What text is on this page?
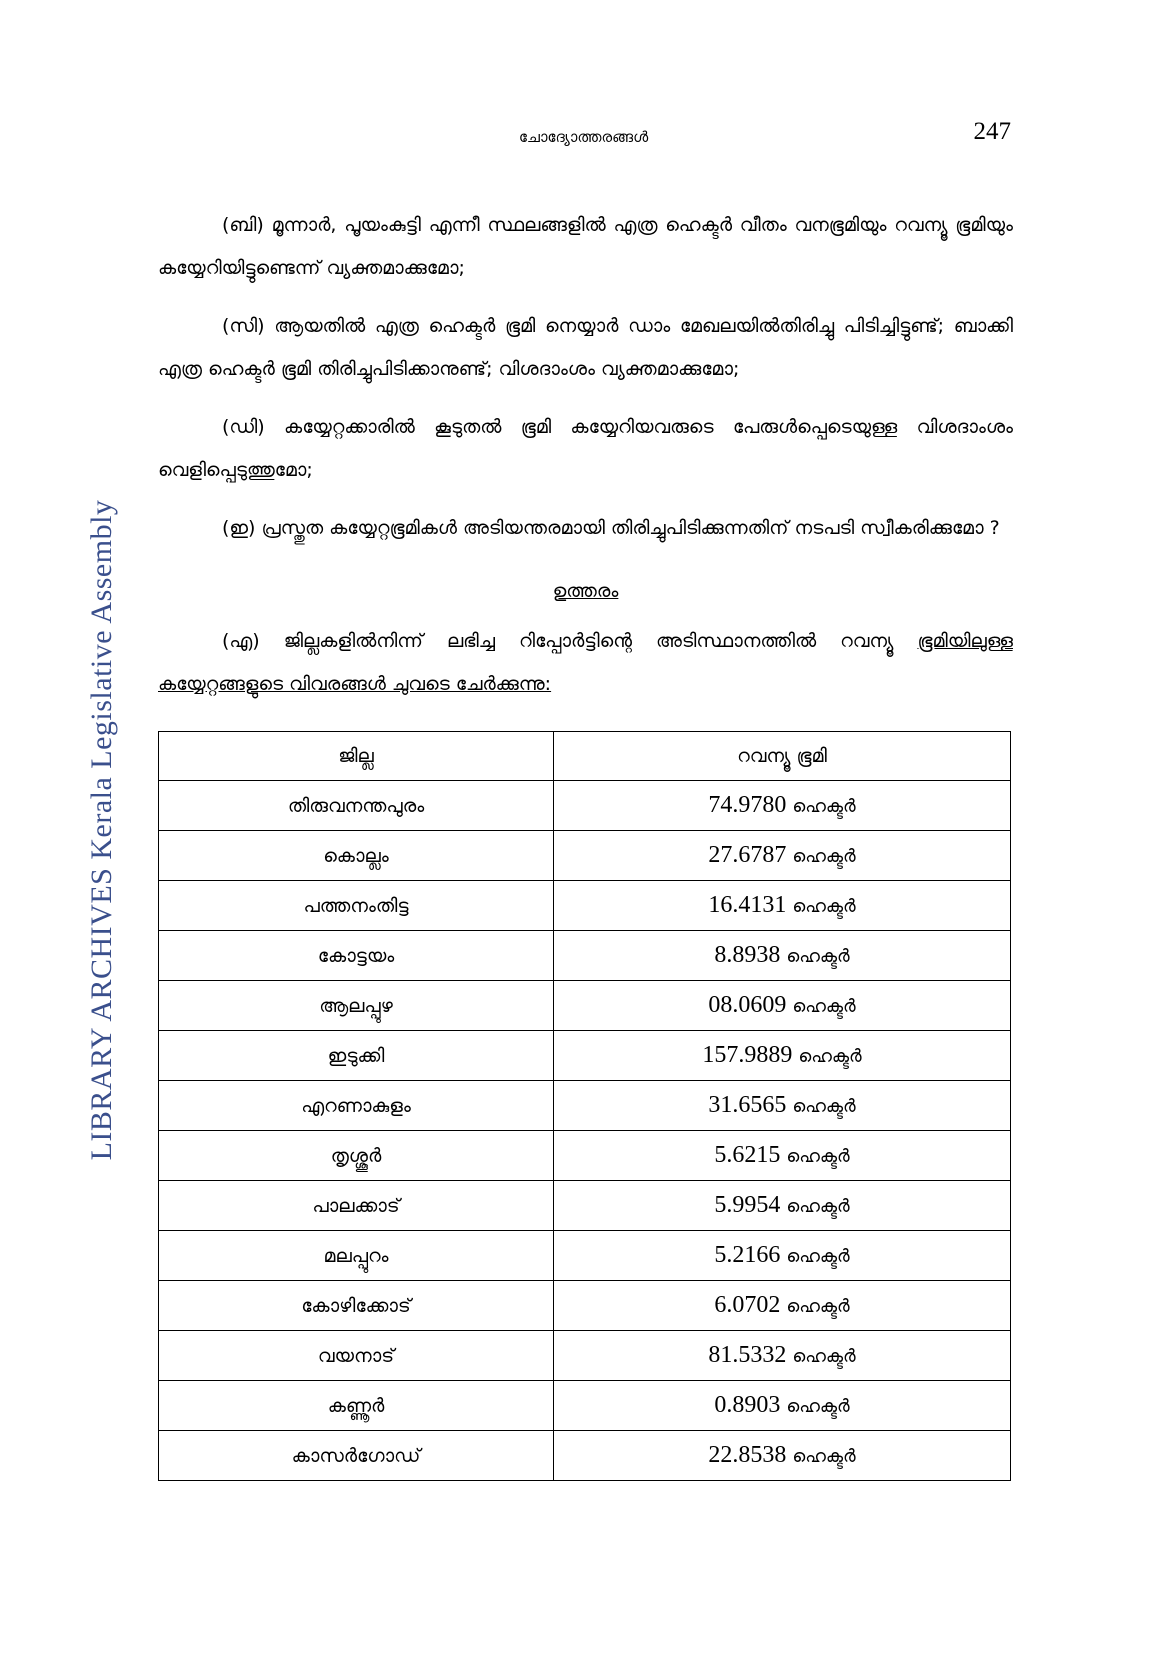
LIBRARY ARCHIVES Kerala Legislative Assembly
ചോദ്യോത്തരങ്ങൾ	247

(ബി) മൂന്നാർ, പൂയംകുട്ടി എന്നീ സ്ഥലങ്ങളിൽ എത്ര ഹെക്ടർ വീതം വനഭൂമിയും റവന്യൂ ഭൂമിയും കയ്യേറിയിട്ടുണ്ടെന്ന് വ്യക്തമാക്കുമോ;

(സി) ആയതിൽ എത്ര ഹെക്ടർ ഭൂമി നെയ്യാർ ഡാം മേഖലയിൽതിരിച്ചു പിടിച്ചിട്ടുണ്ട്; ബാക്കി എത്ര ഹെക്ടർ ഭൂമി തിരിച്ചുപിടിക്കാനുണ്ട്; വിശദാംശം വ്യക്തമാക്കുമോ;

(ഡി) കയ്യേറ്റക്കാരിൽ കൂടുതൽ ഭൂമി കയ്യേറിയവരുടെ പേരുൾപ്പെടെയുള്ള വിശദാംശം വെളിപ്പെടുത്തുമോ;

(ഇ) പ്രസ്തുത കയ്യേറ്റഭൂമികൾ അടിയന്തരമായി തിരിച്ചുപിടിക്കുന്നതിന് നടപടി സ്വീകരിക്കുമോ ?

ഉത്തരം

(എ) ജില്ലകളിൽനിന്ന് ലഭിച്ച റിപ്പോർട്ടിന്റെ അടിസ്ഥാനത്തിൽ റവന്യൂ ഭൂമിയിലുള്ള കയ്യേറ്റങ്ങളുടെ വിവരങ്ങൾ ചുവടെ ചേർക്കുന്നു:

ജില്ല	റവന്യൂ ഭൂമി
തിരുവനന്തപുരം	74.9780 ഹെക്ടർ
കൊല്ലം	27.6787 ഹെക്ടർ
പത്തനംതിട്ട	16.4131 ഹെക്ടർ
കോട്ടയം	8.8938 ഹെക്ടർ
ആലപ്പുഴ	08.0609 ഹെക്ടർ
ഇടുക്കി	157.9889 ഹെക്ടർ
എറണാകുളം	31.6565 ഹെക്ടർ
തൃശ്ശൂർ	5.6215 ഹെക്ടർ
പാലക്കാട്	5.9954 ഹെക്ടർ
മലപ്പുറം	5.2166 ഹെക്ടർ
കോഴിക്കോട്	6.0702 ഹെക്ടർ
വയനാട്	81.5332 ഹെക്ടർ
കണ്ണൂർ	0.8903 ഹെക്ടർ
കാസർഗോഡ്	22.8538 ഹെക്ടർ
